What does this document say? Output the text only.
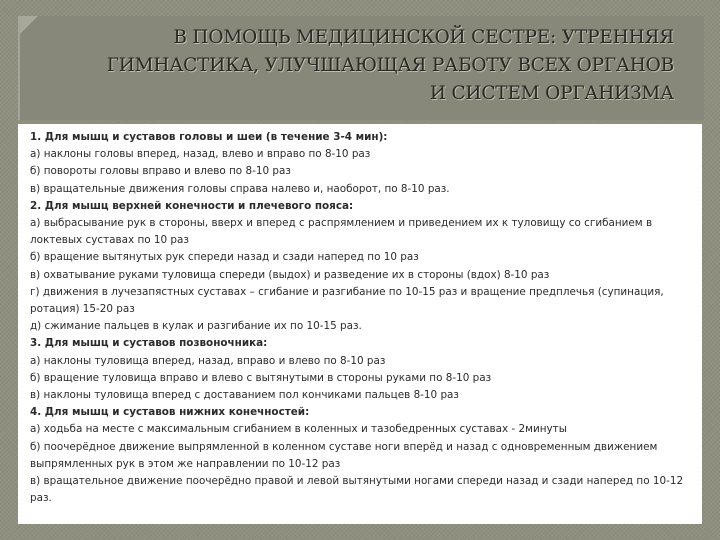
В ПОМОЩЬ МЕДИЦИНСКОЙ СЕСТРЕ: УТРЕННЯЯ
ГИМНАСТИКА, УЛУЧШАЮЩАЯ РАБОТУ ВСЕХ ОРГАНОВ
И СИСТЕМ ОРГАНИЗМА
1. Для мышц и суставов головы и шеи (в течение 3-4 мин):
а) наклоны головы вперед, назад, влево и вправо по 8-10 раз
б) повороты головы вправо и влево по 8-10 раз
в) вращательные движения головы справа налево и, наоборот, по 8-10 раз.
2. Для мышц верхней конечности и плечевого пояса:
а) выбрасывание рук в стороны, вверх и вперед с распрямлением и приведением их к туловищу со сгибанием в локтевых суставах по 10 раз
б) вращение вытянутых рук спереди назад и сзади наперед по 10 раз
в) охватывание руками туловища спереди (выдох) и разведение их в стороны (вдох) 8-10 раз
г) движения в лучезапястных суставах – сгибание и разгибание по 10-15 раз и вращение предплечья (супинация, ротация) 15-20 раз
д) сжимание пальцев в кулак и разгибание их по 10-15 раз.
3. Для мышц и суставов позвоночника:
а) наклоны туловища вперед, назад, вправо и влево по 8-10 раз
б) вращение туловища вправо и влево с вытянутыми в стороны руками по 8-10 раз
в) наклоны туловища вперед с доставанием пол кончиками пальцев 8-10 раз
4. Для мышц и суставов нижних конечностей:
а) ходьба на месте с максимальным сгибанием в коленных и тазобедренных суставах - 2минуты
б) поочерёдное движение выпрямленной в коленном суставе ноги вперёд и назад с одновременным движением выпрямленных рук в этом же направлении по 10-12 раз
в) вращательное движение поочерёдно правой и левой вытянутыми ногами спереди назад и сзади наперед по 10-12 раз.
